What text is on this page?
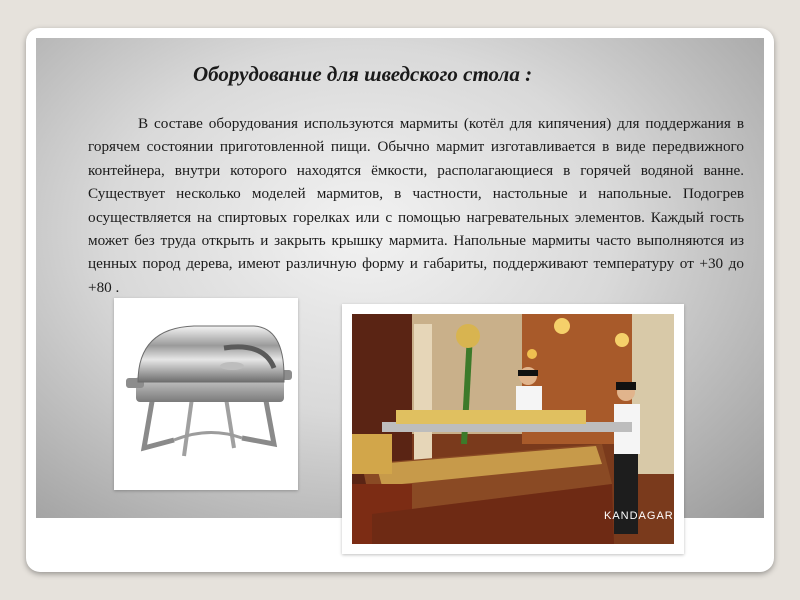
Оборудование для шведского стола :
В составе оборудования используются мармиты (котёл для кипячения) для поддержания в горячем состоянии приготовленной пищи. Обычно мармит изготавливается в виде передвижного контейнера, внутри которого находятся ёмкости, располагающиеся в горячей водяной ванне. Существует несколько моделей мармитов, в частности, настольные и напольные. Подогрев осуществляется на спиртовых горелках или с помощью нагревательных элементов. Каждый гость может без труда открыть и закрыть крышку мармита. Напольные мармиты часто выполняются из ценных пород дерева, имеют различную форму и габариты, поддерживают температуру от +30 до +80 .
KANDAGAR
